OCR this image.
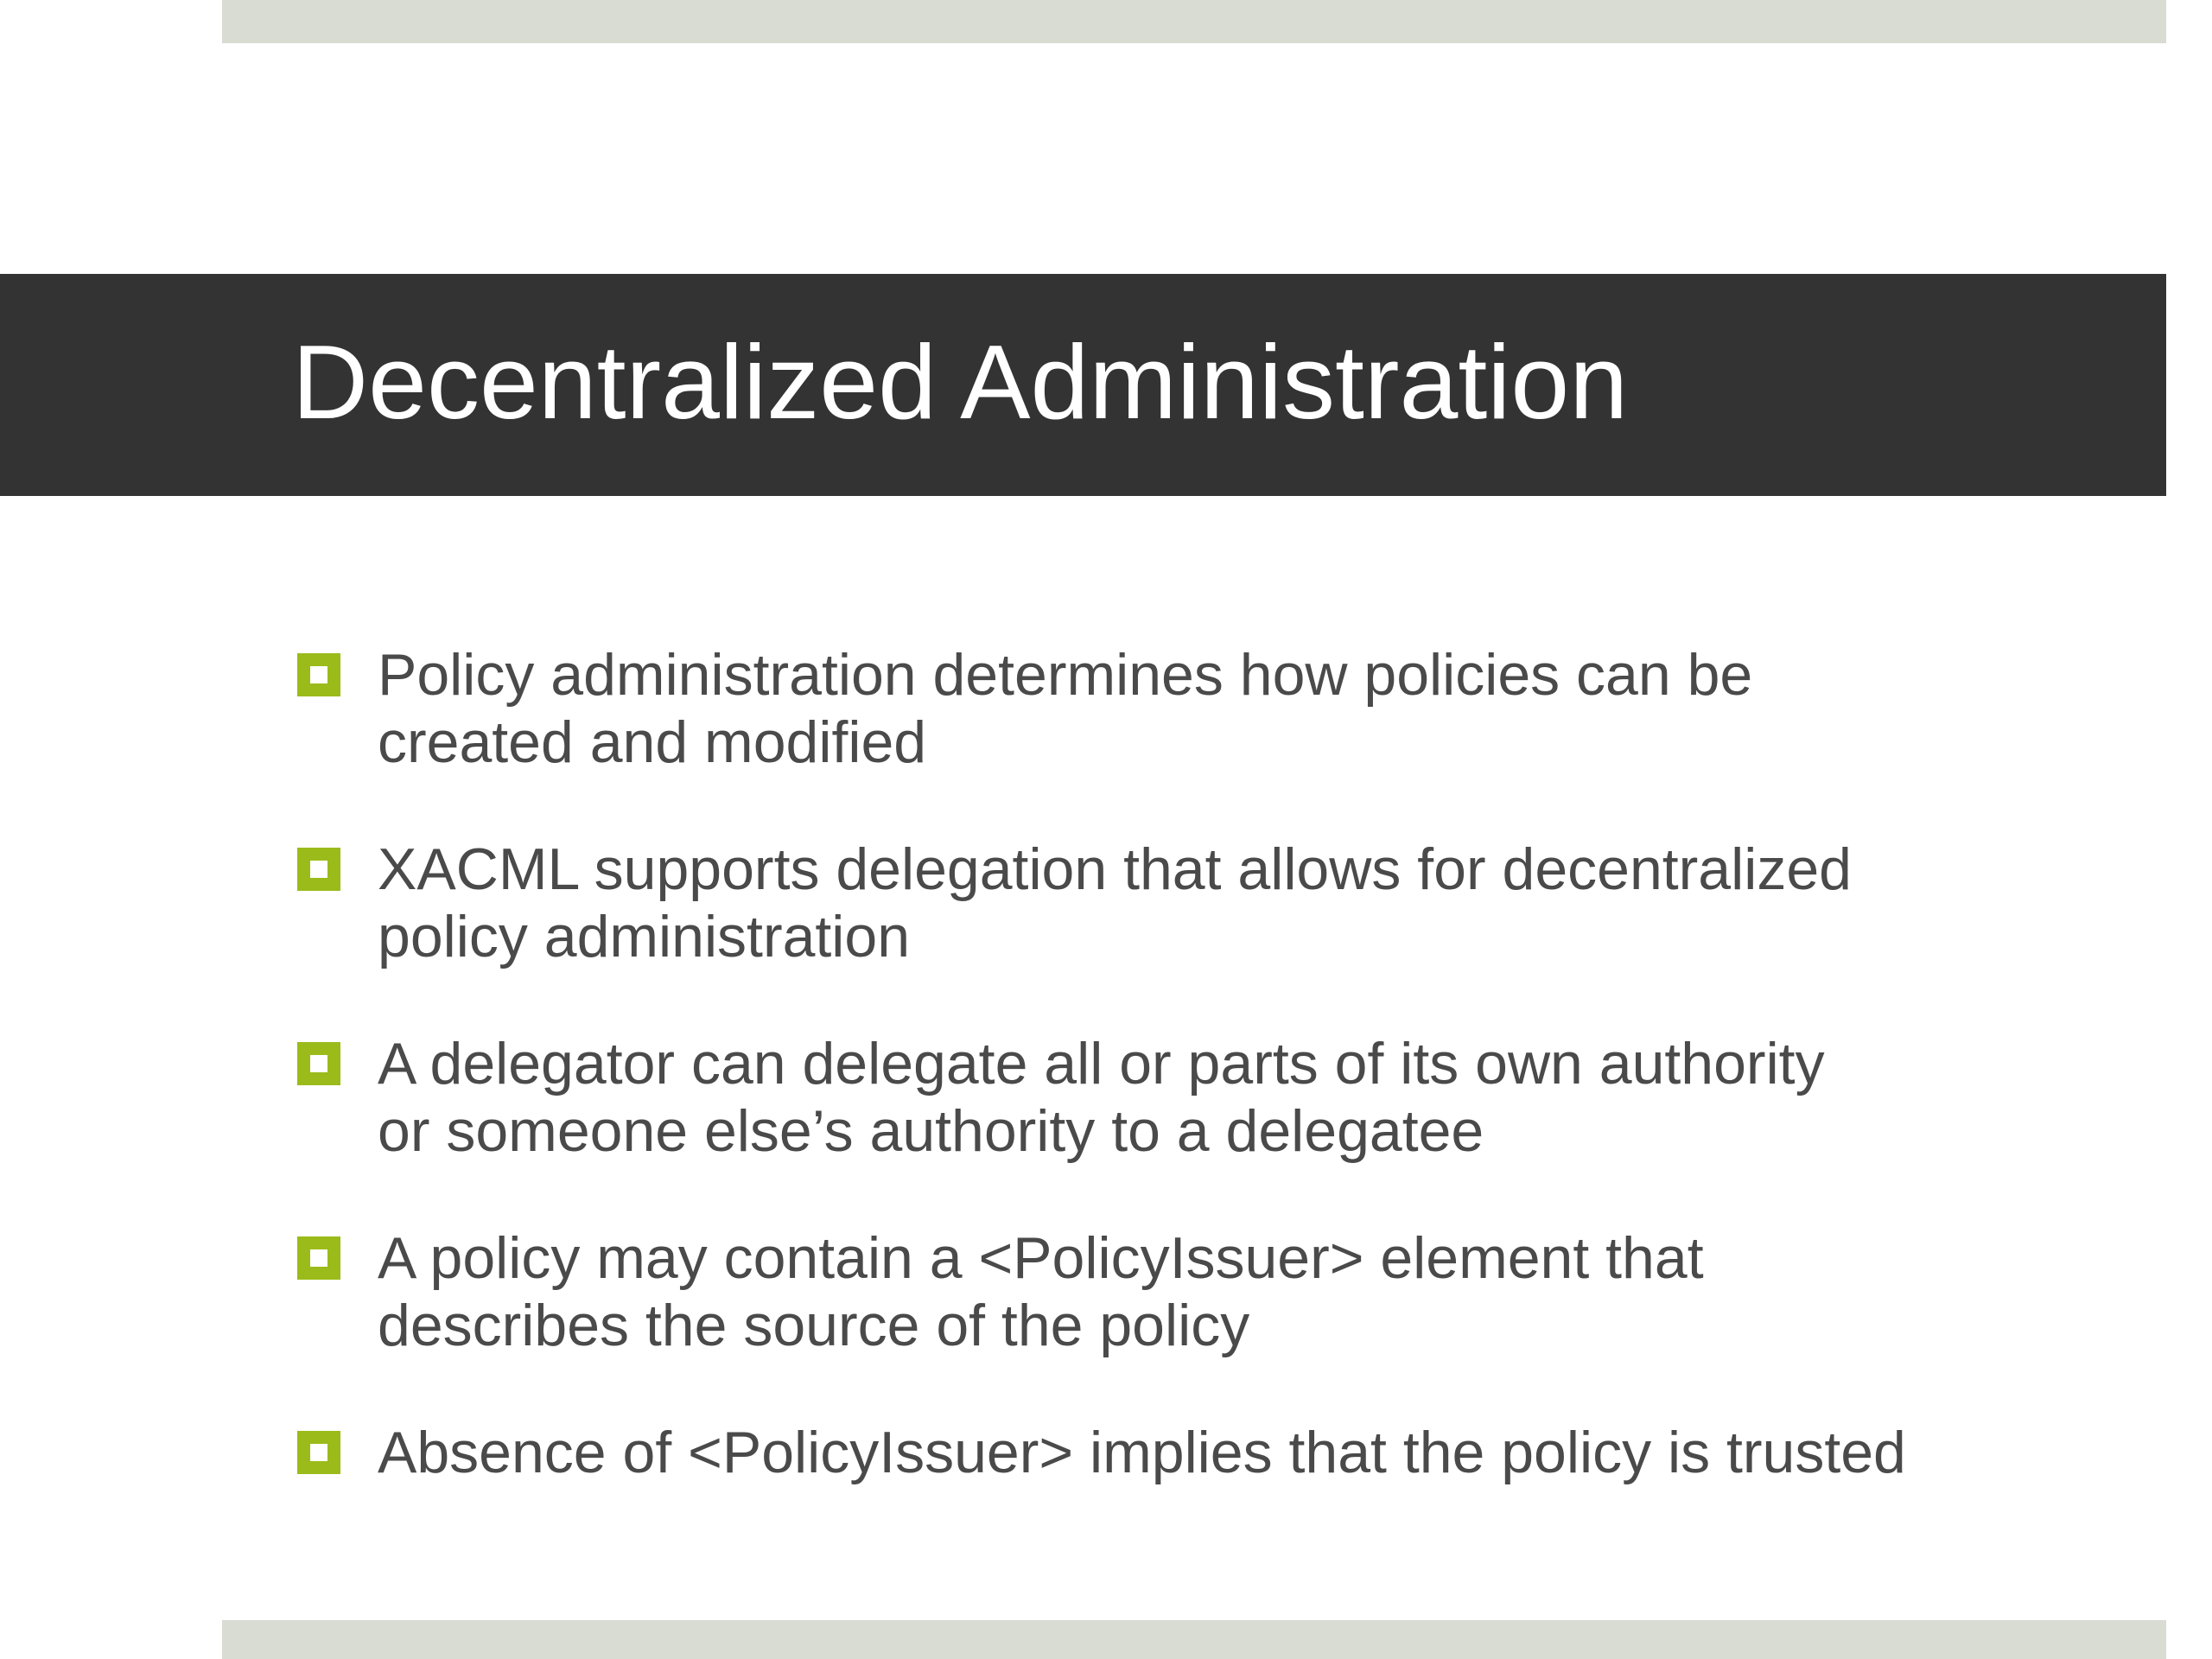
Decentralized Administration
Policy administration determines how policies can be
created and modified
XACML supports delegation that allows for decentralized
policy administration
A delegator can delegate all or parts of its own authority
or someone else’s authority to a delegatee
A policy may contain a <PolicyIssuer> element that
describes the source of the policy
Absence of <PolicyIssuer> implies that the policy is trusted
